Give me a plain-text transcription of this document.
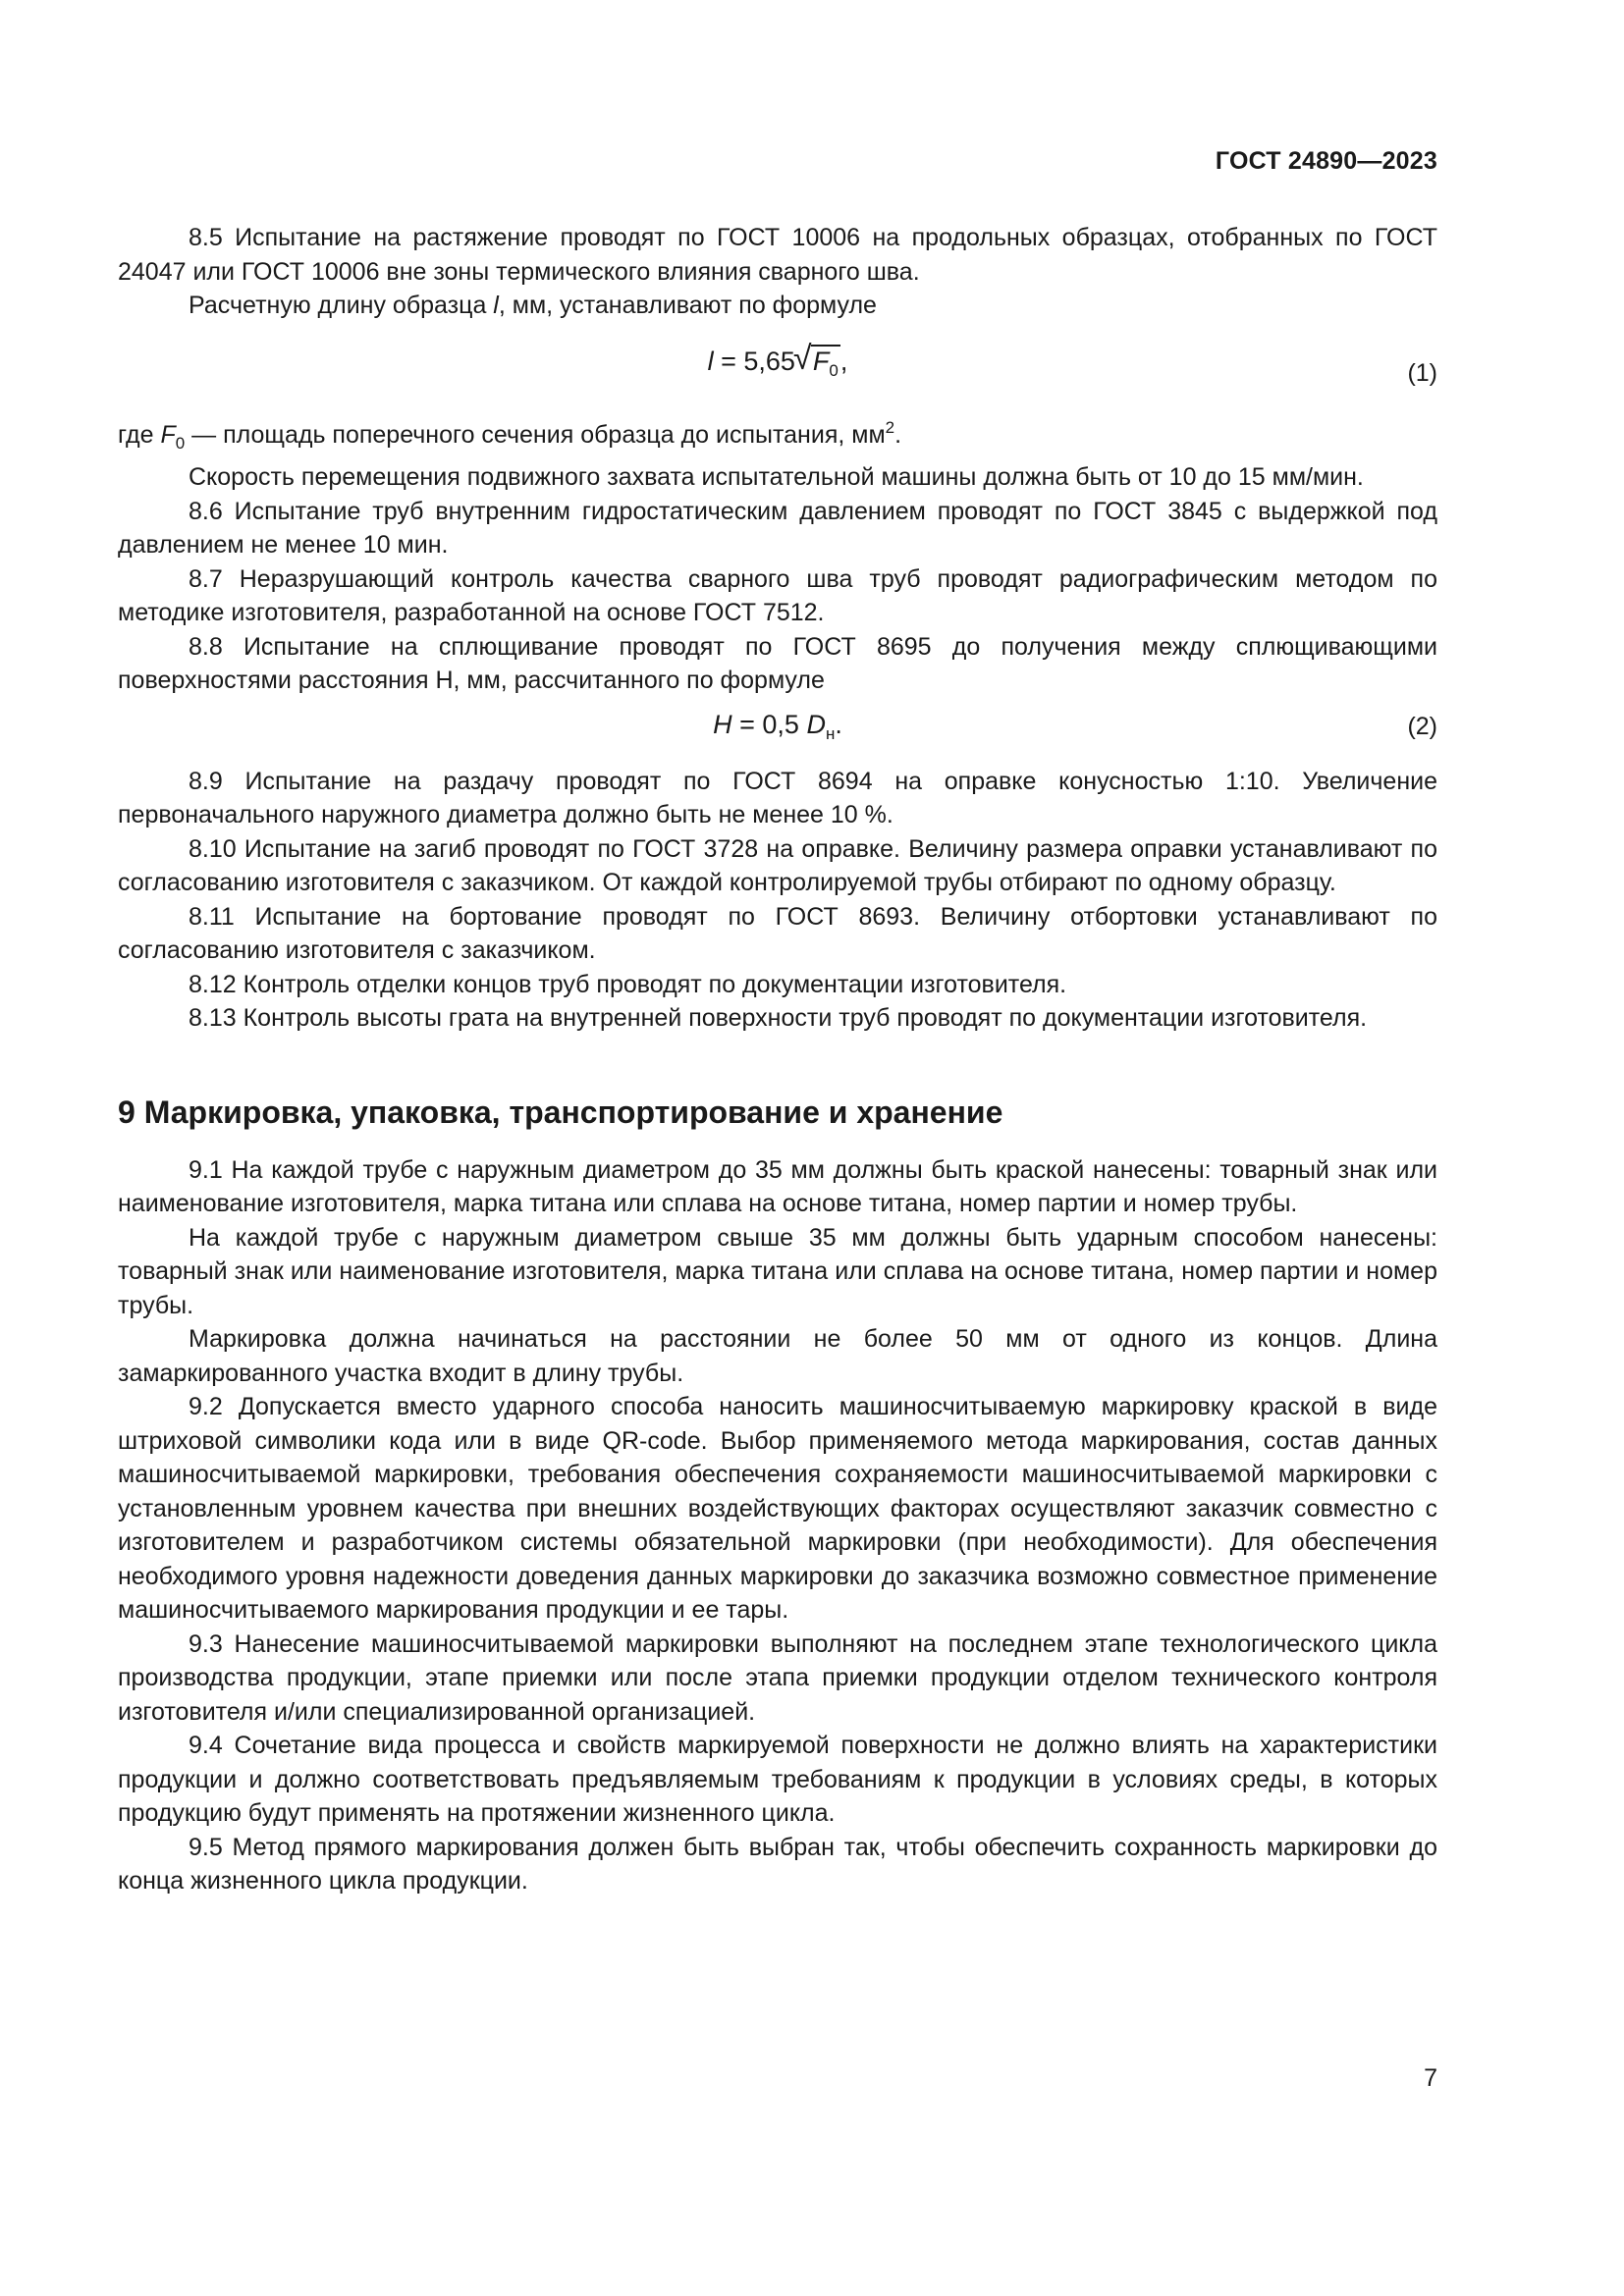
ГОСТ 24890—2023

8.5 Испытание на растяжение проводят по ГОСТ 10006 на продольных образцах, отобранных по ГОСТ 24047 или ГОСТ 10006 вне зоны термического влияния сварного шва.

Расчетную длину образца l, мм, устанавливают по формуле

l = 5,65
√ $F_0$,	(1)

где $F_0$ — площадь поперечного сечения образца до испытания, $мм^2$.

Скорость перемещения подвижного захвата испытательной машины должна быть от 10 до 15 мм/мин.

8.6 Испытание труб внутренним гидростатическим давлением проводят по ГОСТ 3845 с выдержкой под давлением не менее 10 мин.

8.7 Неразрушающий контроль качества сварного шва труб проводят радиографическим методом по методике изготовителя, разработанной на основе ГОСТ 7512.

8.8 Испытание на сплющивание проводят по ГОСТ 8695 до получения между сплющивающими поверхностями расстояния Н, мм, рассчитанного по формуле

H = 0,5 $D_н$.	(2)

8.9 Испытание на раздачу проводят по ГОСТ 8694 на оправке конусностью 1:10. Увеличение первоначального наружного диаметра должно быть не менее 10 %.

8.10 Испытание на загиб проводят по ГОСТ 3728 на оправке. Величину размера оправки устанавливают по согласованию изготовителя с заказчиком. От каждой контролируемой трубы отбирают по одному образцу.

8.11 Испытание на бортование проводят по ГОСТ 8693. Величину отбортовки устанавливают по согласованию изготовителя с заказчиком.

8.12 Контроль отделки концов труб проводят по документации изготовителя.

8.13 Контроль высоты грата на внутренней поверхности труб проводят по документации изготовителя.

9 Маркировка, упаковка, транспортирование и хранение

9.1 На каждой трубе с наружным диаметром до 35 мм должны быть краской нанесены: товарный знак или наименование изготовителя, марка титана или сплава на основе титана, номер партии и номер трубы.

На каждой трубе с наружным диаметром свыше 35 мм должны быть ударным способом нанесены: товарный знак или наименование изготовителя, марка титана или сплава на основе титана, номер партии и номер трубы.

Маркировка должна начинаться на расстоянии не более 50 мм от одного из концов. Длина замаркированного участка входит в длину трубы.

9.2 Допускается вместо ударного способа наносить машиносчитываемую маркировку краской в виде штриховой символики кода или в виде QR-code. Выбор применяемого метода маркирования, состав данных машиносчитываемой маркировки, требования обеспечения сохраняемости машиносчитываемой маркировки с установленным уровнем качества при внешних воздействующих факторах осуществляют заказчик совместно с изготовителем и разработчиком системы обязательной маркировки (при необходимости). Для обеспечения необходимого уровня надежности доведения данных маркировки до заказчика возможно совместное применение машиносчитываемого маркирования продукции и ее тары.

9.3 Нанесение машиносчитываемой маркировки выполняют на последнем этапе технологического цикла производства продукции, этапе приемки или после этапа приемки продукции отделом технического контроля изготовителя и/или специализированной организацией.

9.4 Сочетание вида процесса и свойств маркируемой поверхности не должно влиять на характеристики продукции и должно соответствовать предъявляемым требованиям к продукции в условиях среды, в которых продукцию будут применять на протяжении жизненного цикла.

9.5 Метод прямого маркирования должен быть выбран так, чтобы обеспечить сохранность маркировки до конца жизненного цикла продукции.

7
